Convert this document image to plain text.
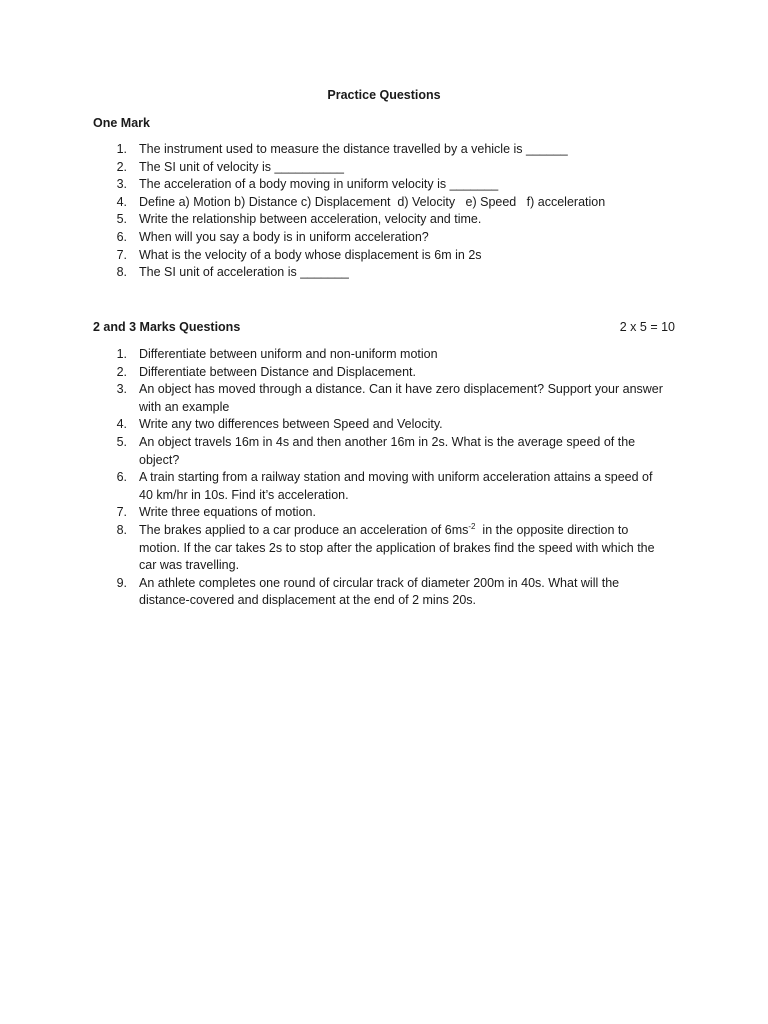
Practice Questions
One Mark
1. The instrument used to measure the distance travelled by a vehicle is ______
2. The SI unit of velocity is __________
3. The acceleration of a body moving in uniform velocity is _______
4. Define a) Motion b) Distance c) Displacement  d) Velocity   e) Speed   f) acceleration
5. Write the relationship between acceleration, velocity and time.
6. When will you say a body is in uniform acceleration?
7. What is the velocity of a body whose displacement is 6m in 2s
8. The SI unit of acceleration is _______
2 and 3 Marks Questions	2 x 5 = 10
1. Differentiate between uniform and non-uniform motion
2. Differentiate between Distance and Displacement.
3. An object has moved through a distance. Can it have zero displacement? Support your answer with an example
4. Write any two differences between Speed and Velocity.
5. An object travels 16m in 4s and then another 16m in 2s. What is the average speed of the object?
6. A train starting from a railway station and moving with uniform acceleration attains a speed of 40 km/hr in 10s. Find it’s acceleration.
7. Write three equations of motion.
8. The brakes applied to a car produce an acceleration of $6ms^{-2}$  in the opposite direction to motion. If the car takes 2s to stop after the application of brakes find the speed with which the car was travelling.
9. An athlete completes one round of circular track of diameter 200m in 40s. What will the distance-covered and displacement at the end of 2 mins 20s.
